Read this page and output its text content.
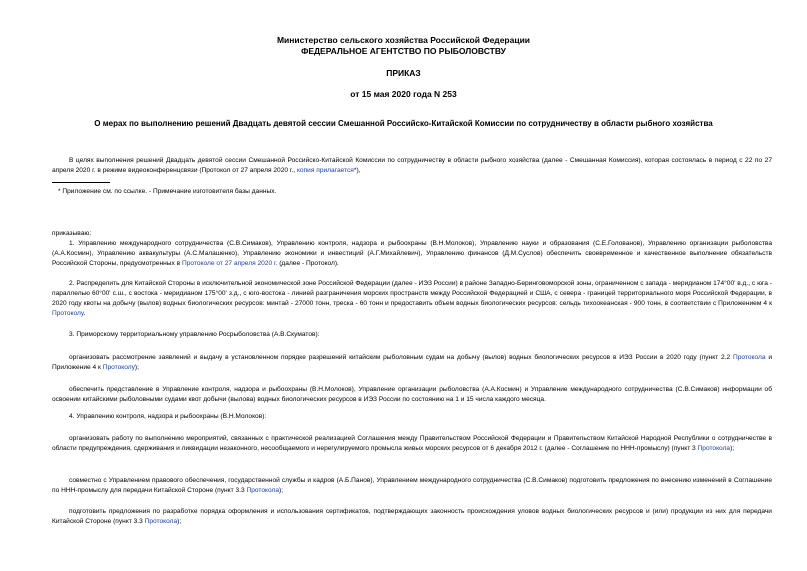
Министерство сельского хозяйства Российской Федерации
ФЕДЕРАЛЬНОЕ АГЕНТСТВО ПО РЫБОЛОВСТВУ
ПРИКАЗ
от 15 мая 2020 года N 253
О мерах по выполнению решений Двадцать девятой сессии Смешанной Российско-Китайской Комиссии по сотрудничеству в области рыбного хозяйства
В целях выполнения решений Двадцать девятой сессии Смешанной Российско-Китайской Комиссии по сотрудничеству в области рыбного хозяйства (далее - Смешанная Комиссия), которая состоялась в период с 22 по 27 апреля 2020 г. в режиме видеоконференцсвязи (Протокол от 27 апреля 2020 г., копия прилагается*),
* Приложение см. по ссылке. - Примечание изготовителя базы данных.
приказываю:
1. Управлению международного сотрудничества (С.В.Симаков), Управлению контроля, надзора и рыбоохраны (В.Н.Молоков), Управлению науки и образования (С.Е.Голованов), Управлению организации рыболовства (А.А.Космин), Управлению аквакультуры (А.С.Малашенко), Управлению экономики и инвестиций (А.Г.Михайлевич), Управлению финансов (Д.М.Суслов) обеспечить своевременное и качественное выполнение обязательств Российской Стороны, предусмотренных в Протоколе от 27 апреля 2020 г. (далее - Протокол).
2. Распределить для Китайской Стороны в исключительной экономической зоне Российской Федерации (далее - ИЭЗ России) в районе Западно-Беринговоморской зоны, ограниченном с запада - меридианом 174°00' в.д., с юга - параллелью 60°00' с.ш., с востока - меридианом 175°00' з.д., с юго-востока - линией разграничения морских пространств между Российской Федерацией и США, с севера - границей территориального моря Российской Федерации, в 2020 году квоты на добычу (вылов) водных биологических ресурсов: минтай - 27000 тонн, треска - 60 тонн и предоставить объем водных биологических ресурсов: сельдь тихоокеанская - 900 тонн, в соответствии с Приложением 4 к Протоколу.
3. Приморскому территориальному управлению Росрыболовства (А.В.Скуматов):
организовать рассмотрение заявлений и выдачу в установленном порядке разрешений китайским рыболовным судам на добычу (вылов) водных биологических ресурсов в ИЭЗ России в 2020 году (пункт 2.2 Протокола и Приложение 4 к Протоколу);
обеспечить представление в Управление контроля, надзора и рыбоохраны (В.Н.Молоков), Управление организации рыболовства (А.А.Космин) и Управление международного сотрудничества (С.В.Симаков) информации об освоении китайскими рыболовными судами квот добычи (вылова) водных биологических ресурсов в ИЭЗ России по состоянию на 1 и 15 числа каждого месяца.
4. Управлению контроля, надзора и рыбоохраны (В.Н.Молоков):
организовать работу по выполнению мероприятий, связанных с практической реализацией Соглашения между Правительством Российской Федерации и Правительством Китайской Народной Республики о сотрудничестве в области предупреждения, сдерживания и ликвидации незаконного, несообщаемого и нерегулируемого промысла живых морских ресурсов от 6 декабря 2012 г. (далее - Соглашение по ННН-промыслу) (пункт 3 Протокола);
совместно с Управлением правового обеспечения, государственной службы и кадров (А.Б.Панов), Управлением международного сотрудничества (С.В.Симаков) подготовить предложения по внесению изменений в Соглашение по ННН-промыслу для передачи Китайской Стороне (пункт 3.3 Протокола);
подготовить предложения по разработке порядка оформления и использования сертификатов, подтверждающих законность происхождения уловов водных биологических ресурсов и (или) продукции из них для передачи Китайской Стороне (пункт 3.3 Протокола);
